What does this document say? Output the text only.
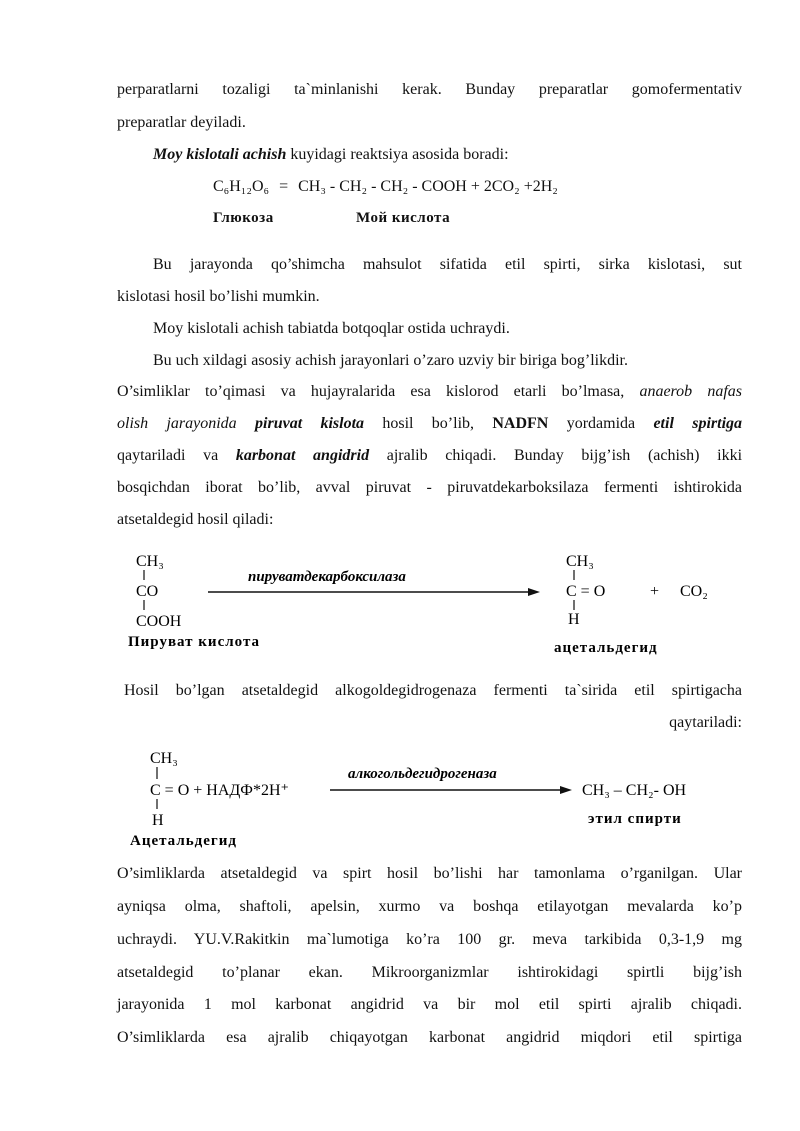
perparatlarni tozaligi ta`minlanishi kerak. Bunday preparatlar gomofermentativ
preparatlar deyiladi.
Moy kislotali achish kuyidagi reaktsiya asosida boradi:
C₆H₁₂O₆ = CH₃ - CH₂ - CH₂ - COOH + 2CO₂ +2H₂
Глюкоза	Мой кислота
Bu jarayonda qo’shimcha mahsulot sifatida etil spirti, sirka kislotasi, sut
kislotasi hosil bo’lishi mumkin.
Moy kislotali achish tabiatda botqoqlar ostida uchraydi.
Bu uch xildagi asosiy achish jarayonlari o’zaro uzviy bir biriga bog’likdir.
O’simliklar to’qimasi va hujayralarida esa kislorod etarli bo’lmasa, anaerob nafas
olish jarayonida piruvat kislota hosil bo’lib, NADFN yordamida etil spirtiga
qaytariladi va karbonat angidrid ajralib chiqadi. Bunday bijg’ish (achish) ikki
bosqichdan iborat bo’lib, avval piruvat - piruvatdekarboksilaza fermenti ishtirokida
atsetaldegid hosil qiladi:
CH₃
CO
COOH
Пируват кислота
пируватдекарбоксилаза
CH₃
C = O	+ CO₂
H
ацетальдегид
Hosil bo’lgan atsetaldegid alkogoldegidrogenaza fermenti ta`sirida etil spirtigacha
qaytariladi:
CH₃
C = O + НАДФ*2H⁺
H
Ацетальдегид
алкогольдегидрогеназа
CH₃ – CH₂- OH
этил спирти
O’simliklarda atsetaldegid va spirt hosil bo’lishi har tamonlama o’rganilgan. Ular
ayniqsa olma, shaftoli, apelsin, xurmo va boshqa etilayotgan mevalarda ko’p
uchraydi. YU.V.Rakitkin ma`lumotiga ko’ra 100 gr. meva tarkibida 0,3-1,9 mg
atsetaldegid to’planar ekan. Mikroorganizmlar ishtirokidagi spirtli bijg’ish
jarayonida 1 mol karbonat angidrid va bir mol etil spirti ajralib chiqadi.
O’simliklarda esa ajralib chiqayotgan karbonat angidrid miqdori etil spirtiga
